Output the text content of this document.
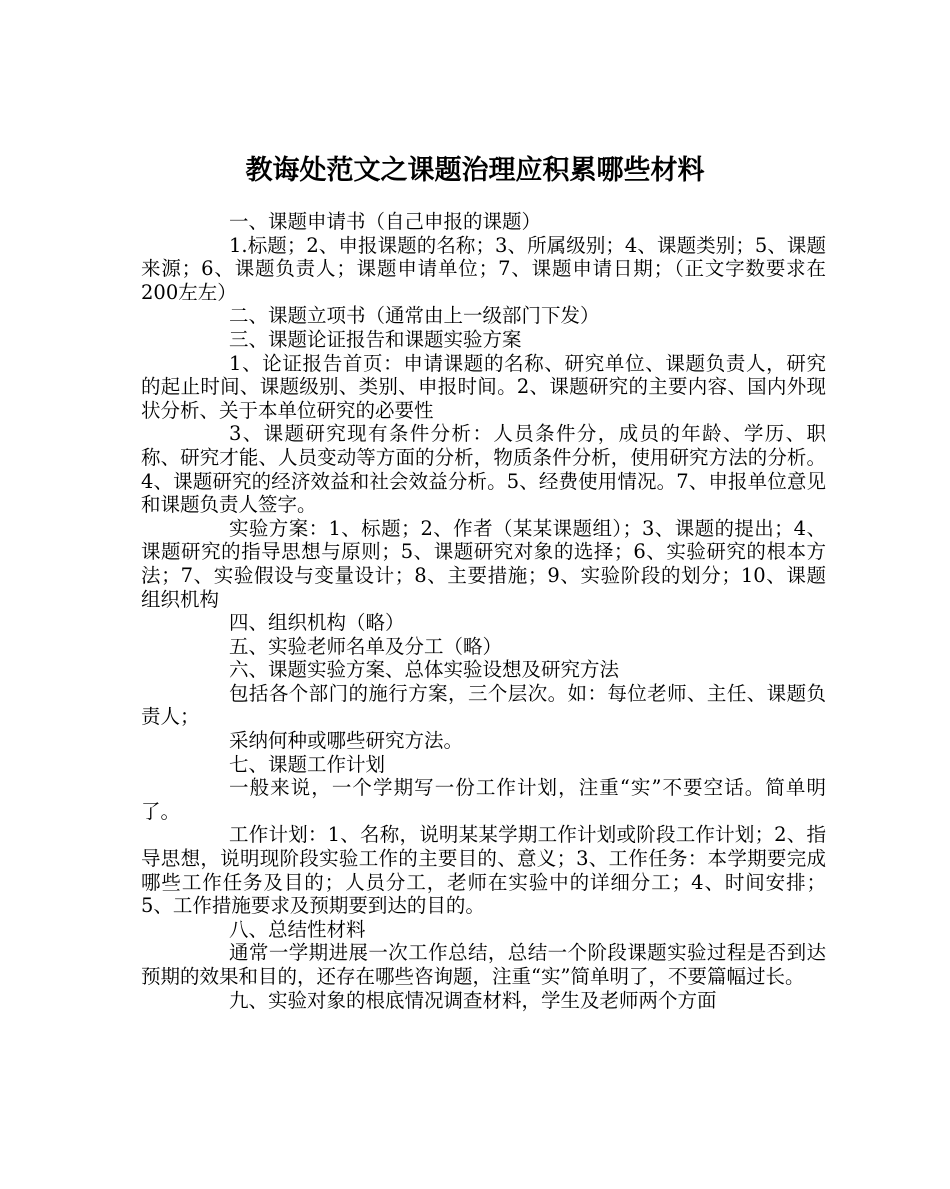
教诲处范文之课题治理应积累哪些材料

一、课题申请书（自己申报的课题）

1.标题；2、申报课题的名称；3、所属级别；4、课题类别；5、课题来源；6、课题负责人；课题申请单位；7、课题申请日期；（正文字数要求在200左左）

二、课题立项书（通常由上一级部门下发）

三、课题论证报告和课题实验方案

1、论证报告首页：申请课题的名称、研究单位、课题负责人，研究的起止时间、课题级别、类别、申报时间。2、课题研究的主要内容、国内外现状分析、关于本单位研究的必要性

3、课题研究现有条件分析：人员条件分，成员的年龄、学历、职称、研究才能、人员变动等方面的分析，物质条件分析，使用研究方法的分析。4、课题研究的经济效益和社会效益分析。5、经费使用情况。7、申报单位意见和课题负责人签字。

实验方案：1、标题；2、作者（某某课题组）；3、课题的提出；4、课题研究的指导思想与原则；5、课题研究对象的选择；6、实验研究的根本方法；7、实验假设与变量设计；8、主要措施；9、实验阶段的划分；10、课题组织机构

四、组织机构（略）

五、实验老师名单及分工（略）

六、课题实验方案、总体实验设想及研究方法

包括各个部门的施行方案，三个层次。如：每位老师、主任、课题负责人；

采纳何种或哪些研究方法。

七、课题工作计划

一般来说，一个学期写一份工作计划，注重“实”不要空话。简单明了。

工作计划：1、名称，说明某某学期工作计划或阶段工作计划；2、指导思想，说明现阶段实验工作的主要目的、意义；3、工作任务：本学期要完成哪些工作任务及目的；人员分工，老师在实验中的详细分工；4、时间安排；5、工作措施要求及预期要到达的目的。

八、总结性材料

通常一学期进展一次工作总结，总结一个阶段课题实验过程是否到达预期的效果和目的，还存在哪些咨询题，注重“实”简单明了，不要篇幅过长。

九、实验对象的根底情况调查材料，学生及老师两个方面
